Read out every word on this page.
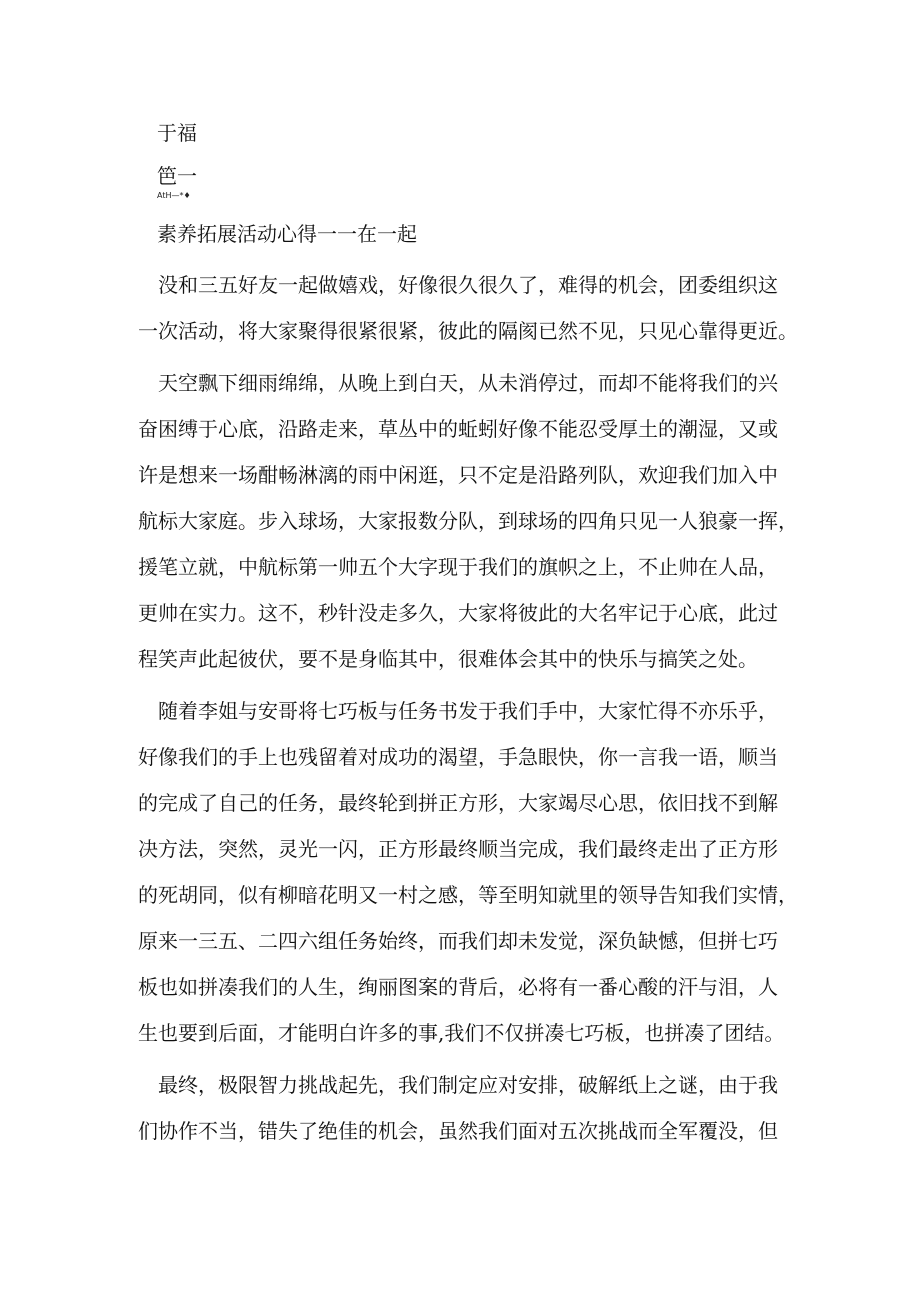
于福
笆一
AtH—*♦
素养拓展活动心得一一在一起
没和三五好友一起做嬉戏，好像很久很久了，难得的机会，团委组织这
一次活动，将大家聚得很紧很紧，彼此的隔阂已然不见，只见心靠得更近。
天空飘下细雨绵绵，从晚上到白天，从未消停过，而却不能将我们的兴
奋困缚于心底，沿路走来，草丛中的蚯蚓好像不能忍受厚土的潮湿，又或
许是想来一场酣畅淋漓的雨中闲逛，只不定是沿路列队，欢迎我们加入中
航标大家庭。步入球场，大家报数分队，到球场的四角只见一人狼豪一挥，
援笔立就，中航标第一帅五个大字现于我们的旗帜之上，不止帅在人品，
更帅在实力。这不，秒针没走多久，大家将彼此的大名牢记于心底，此过
程笑声此起彼伏，要不是身临其中，很难体会其中的快乐与搞笑之处。
随着李姐与安哥将七巧板与任务书发于我们手中，大家忙得不亦乐乎，
好像我们的手上也残留着对成功的渴望，手急眼快，你一言我一语，顺当
的完成了自己的任务，最终轮到拼正方形，大家竭尽心思，依旧找不到解
决方法，突然，灵光一闪，正方形最终顺当完成，我们最终走出了正方形
的死胡同，似有柳暗花明又一村之感，等至明知就里的领导告知我们实情，
原来一三五、二四六组任务始终，而我们却未发觉，深负缺憾，但拼七巧
板也如拼凑我们的人生，绚丽图案的背后，必将有一番心酸的汗与泪，人
生也要到后面，才能明白许多的事,我们不仅拼凑七巧板，也拼凑了团结。
最终，极限智力挑战起先，我们制定应对安排，破解纸上之谜，由于我
们协作不当，错失了绝佳的机会，虽然我们面对五次挑战而全军覆没，但
